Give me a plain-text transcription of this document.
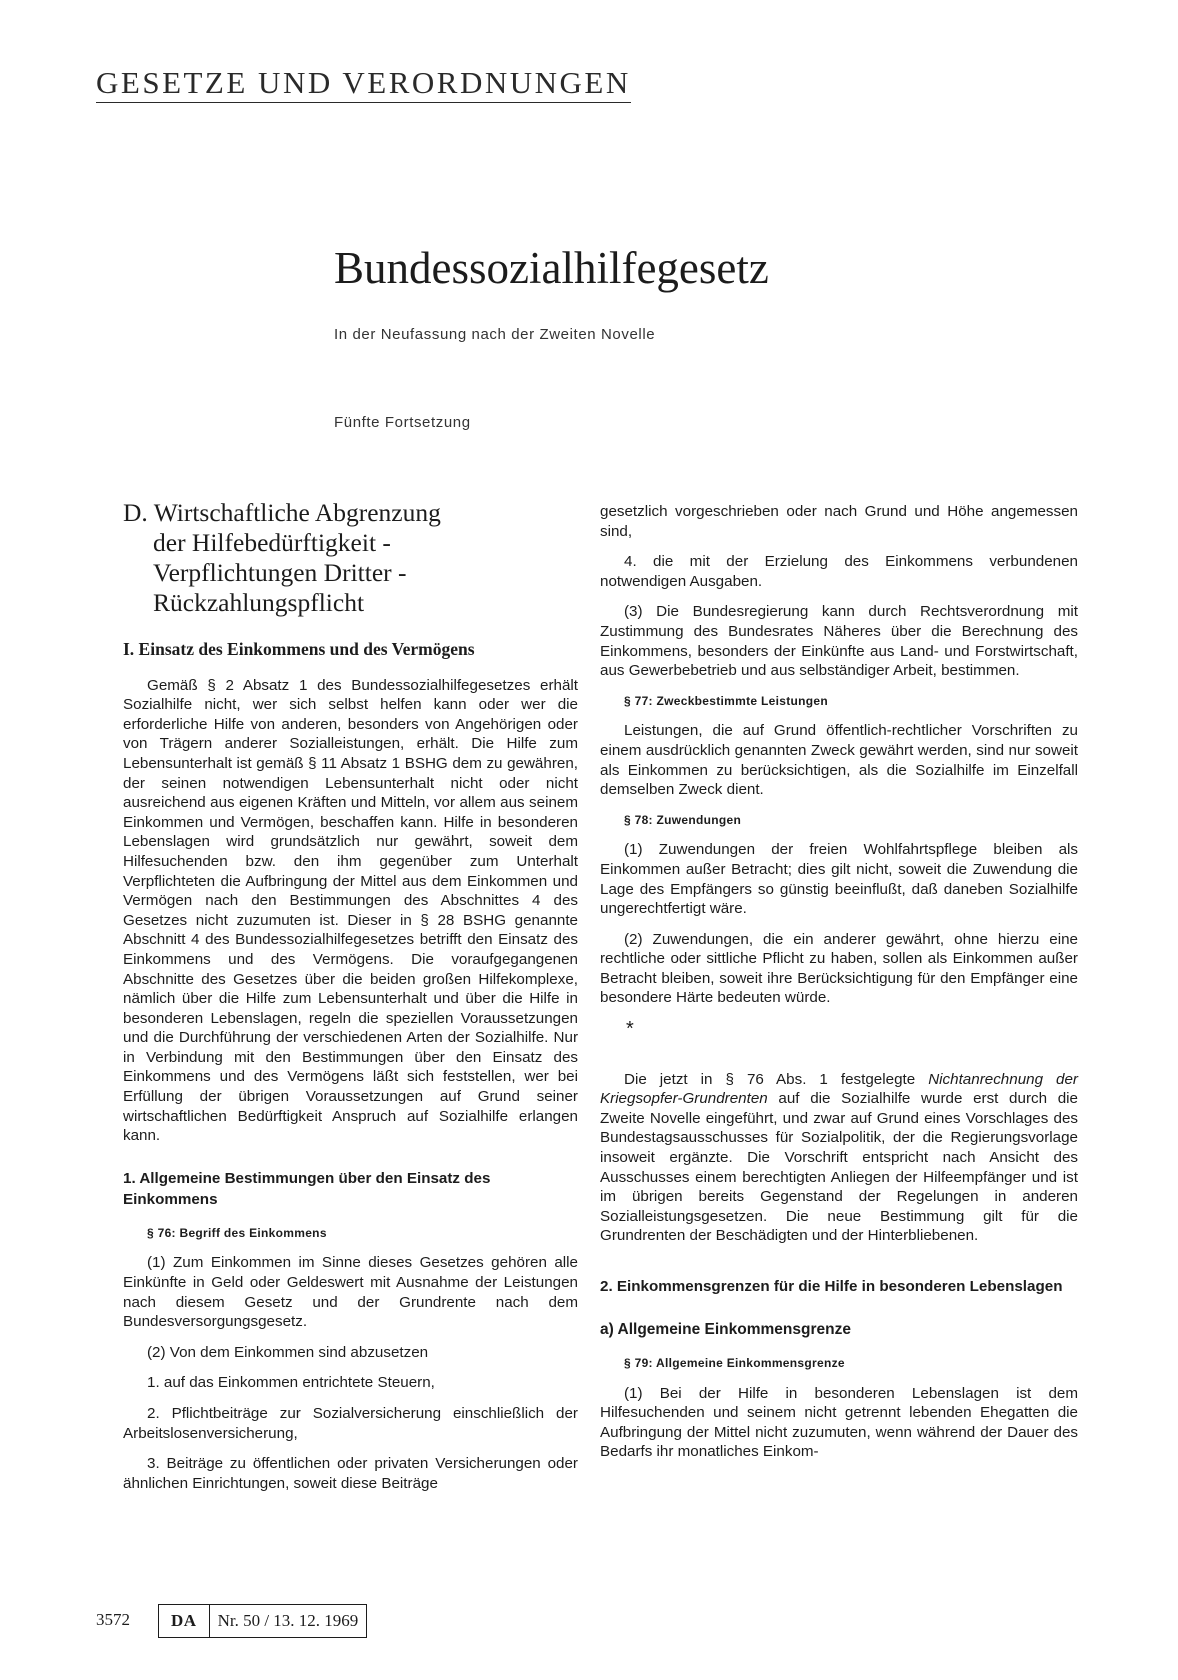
GESETZE UND VERORDNUNGEN
Bundessozialhilfegesetz
In der Neufassung nach der Zweiten Novelle
Fünfte Fortsetzung
D. Wirtschaftliche Abgrenzung
der Hilfebedürftigkeit -
Verpflichtungen Dritter -
Rückzahlungspflicht
I. Einsatz des Einkommens und des Vermögens

Gemäß § 2 Absatz 1 des Bundessozialhilfegesetzes erhält Sozialhilfe nicht, wer sich selbst helfen kann oder wer die erforderliche Hilfe von anderen, besonders von Angehörigen oder von Trägern anderer Sozialleistungen, erhält. Die Hilfe zum Lebensunterhalt ist gemäß § 11 Absatz 1 BSHG dem zu gewähren, der seinen notwendigen Lebensunterhalt nicht oder nicht ausreichend aus eigenen Kräften und Mitteln, vor allem aus seinem Einkommen und Vermögen, beschaffen kann. Hilfe in besonderen Lebenslagen wird grundsätzlich nur gewährt, soweit dem Hilfesuchenden bzw. den ihm gegenüber zum Unterhalt Verpflichteten die Aufbringung der Mittel aus dem Einkommen und Vermögen nach den Bestimmungen des Abschnittes 4 des Gesetzes nicht zuzumuten ist. Dieser in § 28 BSHG genannte Abschnitt 4 des Bundessozialhilfegesetzes betrifft den Einsatz des Einkommens und des Vermögens. Die voraufgegangenen Abschnitte des Gesetzes über die beiden großen Hilfekomplexe, nämlich über die Hilfe zum Lebensunterhalt und über die Hilfe in besonderen Lebenslagen, regeln die speziellen Voraussetzungen und die Durchführung der verschiedenen Arten der Sozialhilfe. Nur in Verbindung mit den Bestimmungen über den Einsatz des Einkommens und des Vermögens läßt sich feststellen, wer bei Erfüllung der übrigen Voraussetzungen auf Grund seiner wirtschaftlichen Bedürftigkeit Anspruch auf Sozialhilfe erlangen kann.

1. Allgemeine Bestimmungen über den Einsatz des Einkommens
§ 76: Begriff des Einkommens

(1) Zum Einkommen im Sinne dieses Gesetzes gehören alle Einkünfte in Geld oder Geldeswert mit Ausnahme der Leistungen nach diesem Gesetz und der Grundrente nach dem Bundesversorgungsgesetz.

(2) Von dem Einkommen sind abzusetzen

1. auf das Einkommen entrichtete Steuern,

2. Pflichtbeiträge zur Sozialversicherung einschließlich der Arbeitslosenversicherung,

3. Beiträge zu öffentlichen oder privaten Versicherungen oder ähnlichen Einrichtungen, soweit diese Beiträge

gesetzlich vorgeschrieben oder nach Grund und Höhe angemessen sind,

4. die mit der Erzielung des Einkommens verbundenen notwendigen Ausgaben.

(3) Die Bundesregierung kann durch Rechtsverordnung mit Zustimmung des Bundesrates Näheres über die Berechnung des Einkommens, besonders der Einkünfte aus Land- und Forstwirtschaft, aus Gewerbebetrieb und aus selbständiger Arbeit, bestimmen.

§ 77: Zweckbestimmte Leistungen

Leistungen, die auf Grund öffentlich-rechtlicher Vorschriften zu einem ausdrücklich genannten Zweck gewährt werden, sind nur soweit als Einkommen zu berücksichtigen, als die Sozialhilfe im Einzelfall demselben Zweck dient.

§ 78: Zuwendungen

(1) Zuwendungen der freien Wohlfahrtspflege bleiben als Einkommen außer Betracht; dies gilt nicht, soweit die Zuwendung die Lage des Empfängers so günstig beeinflußt, daß daneben Sozialhilfe ungerechtfertigt wäre.

(2) Zuwendungen, die ein anderer gewährt, ohne hierzu eine rechtliche oder sittliche Pflicht zu haben, sollen als Einkommen außer Betracht bleiben, soweit ihre Berücksichtigung für den Empfänger eine besondere Härte bedeuten würde.

*

Die jetzt in § 76 Abs. 1 festgelegte Nichtanrechnung der Kriegsopfer-Grundrenten auf die Sozialhilfe wurde erst durch die Zweite Novelle eingeführt, und zwar auf Grund eines Vorschlages des Bundestagsausschusses für Sozialpolitik, der die Regierungsvorlage insoweit ergänzte. Die Vorschrift entspricht nach Ansicht des Ausschusses einem berechtigten Anliegen der Hilfeempfänger und ist im übrigen bereits Gegenstand der Regelungen in anderen Sozialleistungsgesetzen. Die neue Bestimmung gilt für die Grundrenten der Beschädigten und der Hinterbliebenen.

2. Einkommensgrenzen für die Hilfe in besonderen Lebenslagen
a) Allgemeine Einkommensgrenze
§ 79: Allgemeine Einkommensgrenze

(1) Bei der Hilfe in besonderen Lebenslagen ist dem Hilfesuchenden und seinem nicht getrennt lebenden Ehegatten die Aufbringung der Mittel nicht zuzumuten, wenn während der Dauer des Bedarfs ihr monatliches Einkom-

3572	DA	Nr. 50 / 13. 12. 1969
